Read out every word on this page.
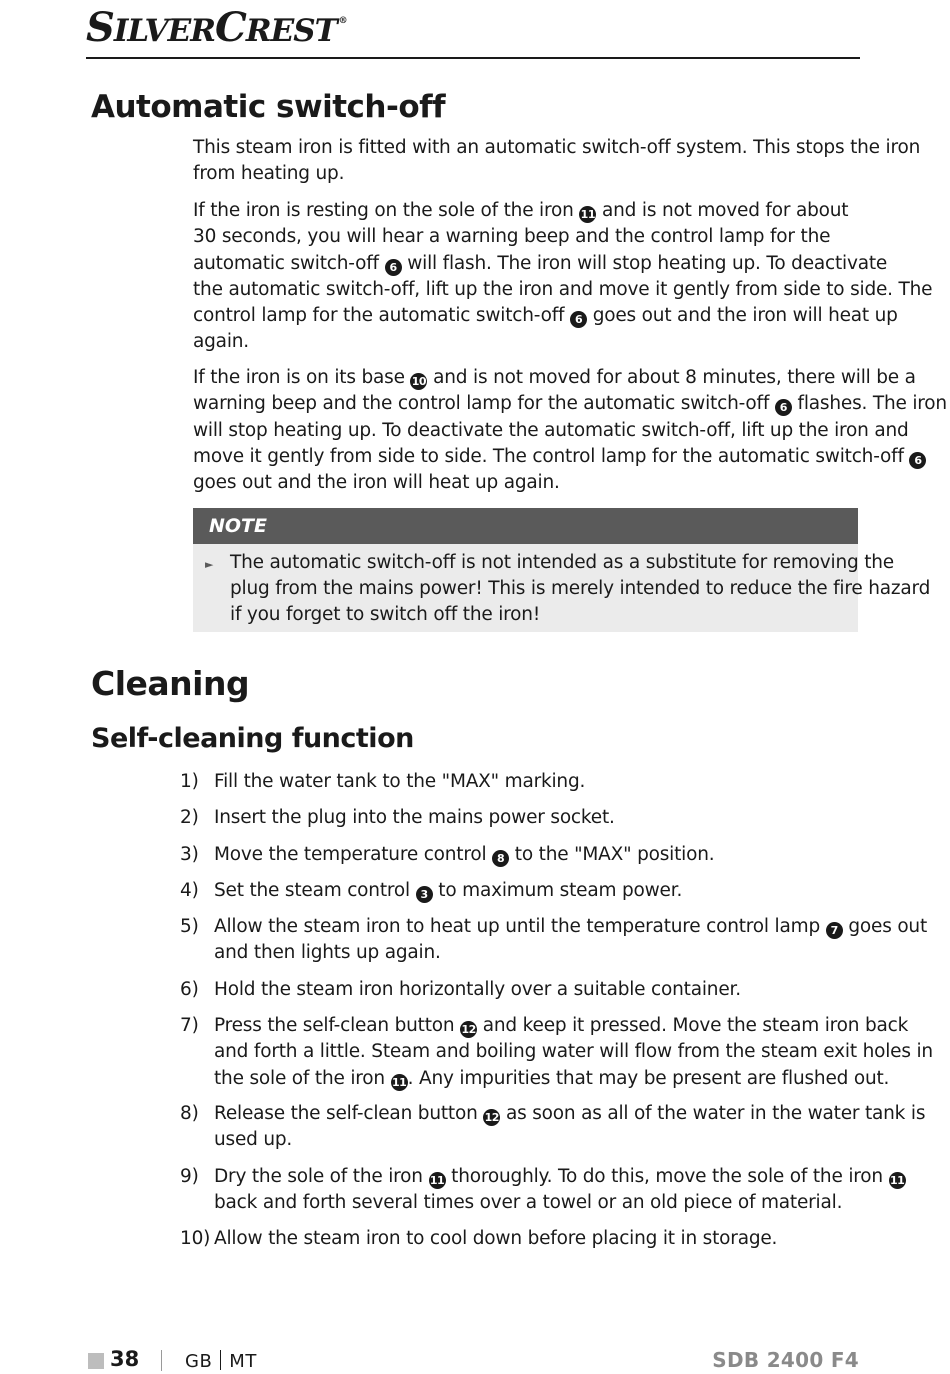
SILVERCREST ®
Automatic switch-off
This steam iron is fitted with an automatic switch-off system. This stops the iron
from heating up.
If the iron is resting on the sole of the iron 11 and is not moved for about
30 seconds, you will hear a warning beep and the control lamp for the
automatic switch-off 6 will flash. The iron will stop heating up. To deactivate
the automatic switch-off, lift up the iron and move it gently from side to side. The
control lamp for the automatic switch-off 6 goes out and the iron will heat up
again.
If the iron is on its base 10 and is not moved for about 8 minutes, there will be a
warning beep and the control lamp for the automatic switch-off 6 flashes. The iron
will stop heating up. To deactivate the automatic switch-off, lift up the iron and
move it gently from side to side. The control lamp for the automatic switch-off 6
goes out and the iron will heat up again.
NOTE
► The automatic switch-off is not intended as a substitute for removing the
plug from the mains power! This is merely intended to reduce the fire hazard
if you forget to switch off the iron!
Cleaning
Self-cleaning function
1) Fill the water tank to the "MAX" marking.
2) Insert the plug into the mains power socket.
3) Move the temperature control 8 to the "MAX" position.
4) Set the steam control 3 to maximum steam power.
5) Allow the steam iron to heat up until the temperature control lamp 7 goes out
and then lights up again.
6) Hold the steam iron horizontally over a suitable container.
7) Press the self-clean button 12 and keep it pressed. Move the steam iron back
and forth a little. Steam and boiling water will flow from the steam exit holes in
the sole of the iron 11. Any impurities that may be present are flushed out.
8) Release the self-clean button 12 as soon as all of the water in the water tank is
used up.
9) Dry the sole of the iron 11 thoroughly. To do this, move the sole of the iron 11
back and forth several times over a towel or an old piece of material.
10) Allow the steam iron to cool down before placing it in storage.
38	GB MT	SDB 2400 F4
